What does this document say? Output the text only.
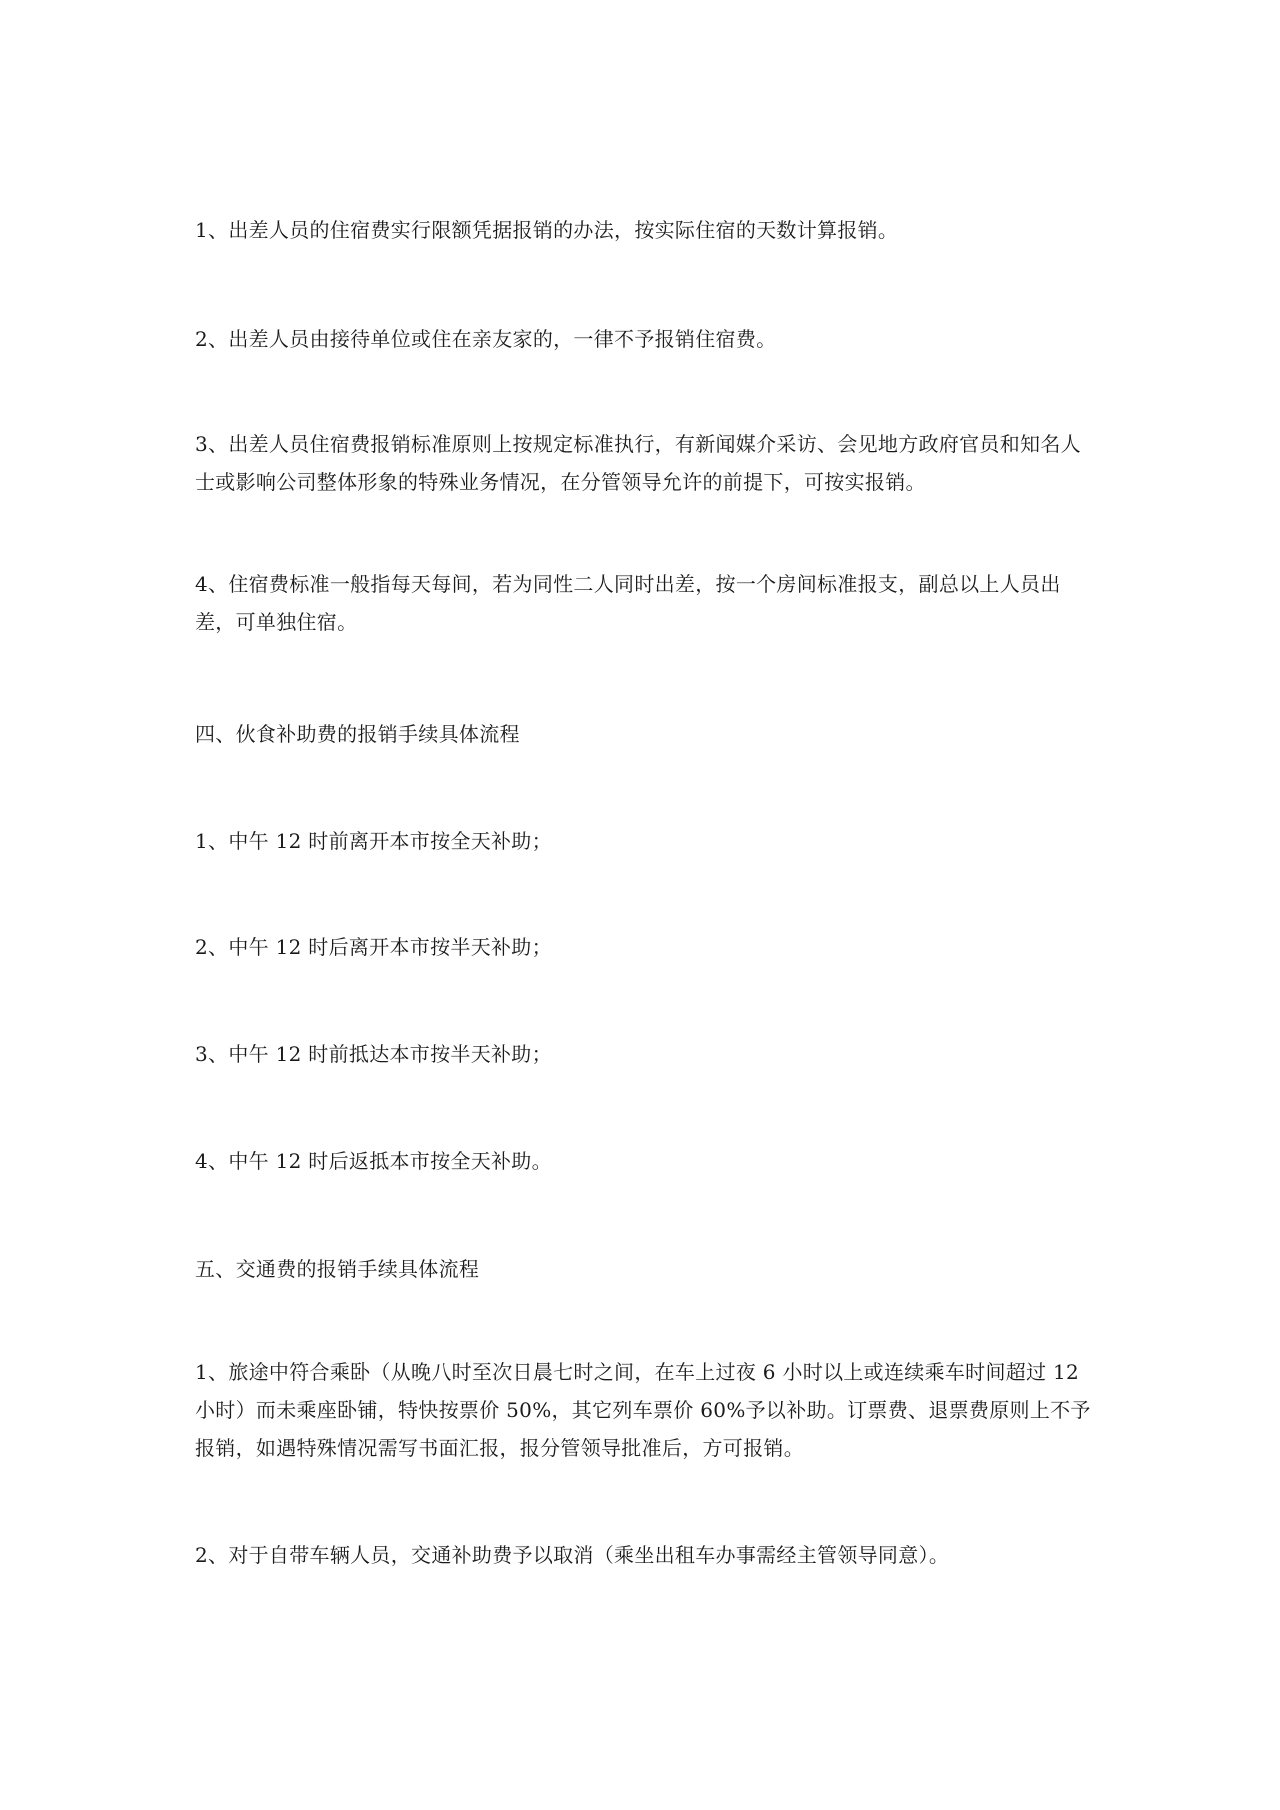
1、出差人员的住宿费实行限额凭据报销的办法，按实际住宿的天数计算报销。

2、出差人员由接待单位或住在亲友家的，一律不予报销住宿费。

3、出差人员住宿费报销标准原则上按规定标准执行，有新闻媒介采访、会见地方政府官员和知名人士或影响公司整体形象的特殊业务情况，在分管领导允许的前提下，可按实报销。

4、住宿费标准一般指每天每间，若为同性二人同时出差，按一个房间标准报支，副总以上人员出差，可单独住宿。

四、伙食补助费的报销手续具体流程

1、中午 12 时前离开本市按全天补助；

2、中午 12 时后离开本市按半天补助；

3、中午 12 时前抵达本市按半天补助；

4、中午 12 时后返抵本市按全天补助。

五、交通费的报销手续具体流程

1、旅途中符合乘卧（从晚八时至次日晨七时之间，在车上过夜 6 小时以上或连续乘车时间超过 12 小时）而未乘座卧铺，特快按票价 50%，其它列车票价 60%予以补助。订票费、退票费原则上不予报销，如遇特殊情况需写书面汇报，报分管领导批准后，方可报销。

2、对于自带车辆人员，交通补助费予以取消（乘坐出租车办事需经主管领导同意）。
